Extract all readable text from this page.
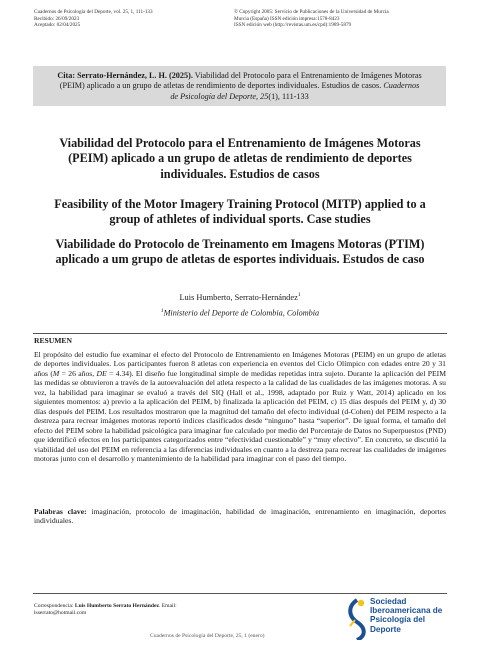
Cuadernos de Psicología del Deporte, vol. 25, 1, 111-133
Recibido: 26/09/2023
Aceptado: 02/04/2025
© Copyright 2005: Servicio de Publicaciones de la Universidad de Murcia
Murcia (España) ISSN edición impresa:1578-8423
ISSN edición web (http://revistas.um.es/cpd):1989-5879
Cita: Serrato-Hernández, L. H. (2025). Viabilidad del Protocolo para el Entrenamiento de Imágenes Motoras (PEIM) aplicado a un grupo de atletas de rendimiento de deportes individuales. Estudios de casos. Cuadernos de Psicología del Deporte, 25(1), 111-133
Viabilidad del Protocolo para el Entrenamiento de Imágenes Motoras (PEIM) aplicado a un grupo de atletas de rendimiento de deportes individuales. Estudios de casos
Feasibility of the Motor Imagery Training Protocol (MITP) applied to a group of athletes of individual sports. Case studies
Viabilidade do Protocolo de Treinamento em Imagens Motoras (PTIM) aplicado a um grupo de atletas de esportes individuais. Estudos de caso
Luis Humberto, Serrato-Hernández$^1$
$^1$Ministerio del Deporte de Colombia, Colombia
RESUMEN

El propósito del estudio fue examinar el efecto del Protocolo de Entrenamiento en Imágenes Motoras (PEIM) en un grupo de atletas de deportes individuales. Los participantes fueron 8 atletas con experiencia en eventos del Ciclo Olímpico con edades entre 20 y 31 años (M = 26 años, DE = 4.34). El diseño fue longitudinal simple de medidas repetidas intra sujeto. Durante la aplicación del PEIM las medidas se obtuvieron a través de la autoevaluación del atleta respecto a la calidad de las cualidades de las imágenes motoras. A su vez, la habilidad para imaginar se evaluó a través del SIQ (Hall et al., 1998, adaptado por Ruiz y Watt, 2014) aplicado en los siguientes momentos: a) previo a la aplicación del PEIM, b) finalizada la aplicación del PEIM, c) 15 días después del PEIM y, d) 30 días después del PEIM. Los resultados mostraron que la magnitud del tamaño del efecto individual (d-Cohen) del PEIM respecto a la destreza para recrear imágenes motoras reportó índices clasificados desde “ninguno” hasta “superior”. De igual forma, el tamaño del efecto del PEIM sobre la habilidad psicológica para imaginar fue calculado por medio del Porcentaje de Datos no Superpuestos (PND) que identificó efectos en los participantes categorizados entre “efectividad cuestionable” y “muy efectivo”. En concreto, se discutió la viabilidad del uso del PEIM en referencia a las diferencias individuales en cuanto a la destreza para recrear las cualidades de imágenes motoras junto con el desarrollo y mantenimiento de la habilidad para imaginar con el paso del tiempo.

Palabras clave: imaginación, protocolo de imaginación, habilidad de imaginación, entrenamiento en imaginación, deportes individuales.
Correspondencia: Luis Humberto Serrato Hernández. Email:
lsserrato@hotmail.com
Cuadernos de Psicología del Deporte, 25, 1 (enero)
Sociedad
Iberoamericana de
Psicología del
Deporte
